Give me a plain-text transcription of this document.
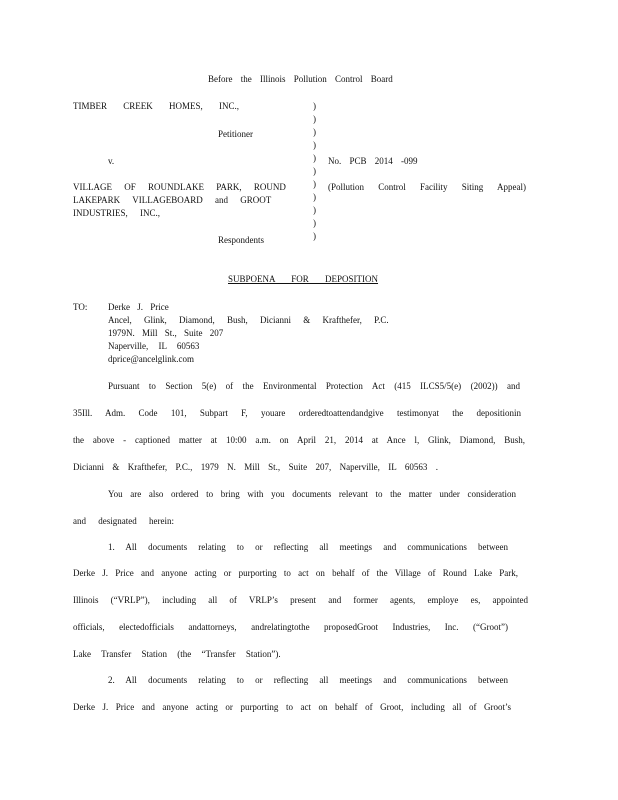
Before the Illinois Pollution Control Board
TIMBER CREEK HOMES, INC.,
Petitioner
v.
VILLAGE OF ROUNDLAKE PARK, ROUND
LAKEPARK VILLAGEBOARD and GROOT
INDUSTRIES, INC.,
Respondents
)
)
)
)
)
)
)
)
)
)
)
No. PCB 2014 -099
(Pollution Control Facility Siting Appeal)
SUBPOENA FOR DEPOSITION
TO: Derke J. Price
Ancel, Glink, Diamond, Bush, Dicianni & Krafthefer, P.C.
1979N. Mill St., Suite 207
Naperville, IL 60563
dprice@ancelglink.com
Pursuant to Section 5(e) of the Environmental Protection Act (415 ILCS5/5(e) (2002)) and
35Ill. Adm. Code 101, Subpart F, youare orderedtoattendandgive testimonyat the depositionin
the above - captioned matter at 10:00 a.m. on April 21, 2014 at Ance l, Glink, Diamond, Bush,
Dicianni & Krafthefer, P.C., 1979 N. Mill St., Suite 207, Naperville, IL 60563 .
You are also ordered to bring with you documents relevant to the matter under consideration
and designated herein:
1. All documents relating to or reflecting all meetings and communications between
Derke J. Price and anyone acting or purporting to act on behalf of the Village of Round Lake Park,
Illinois (“VRLP”), including all of VRLP’s present and former agents, employe es, appointed
officials, electedofficials andattorneys, andrelatingtothe proposedGroot Industries, Inc. (“Groot”)
Lake Transfer Station (the “Transfer Station”).
2. All documents relating to or reflecting all meetings and communications between
Derke J. Price and anyone acting or purporting to act on behalf of Groot, including all of Groot’s
